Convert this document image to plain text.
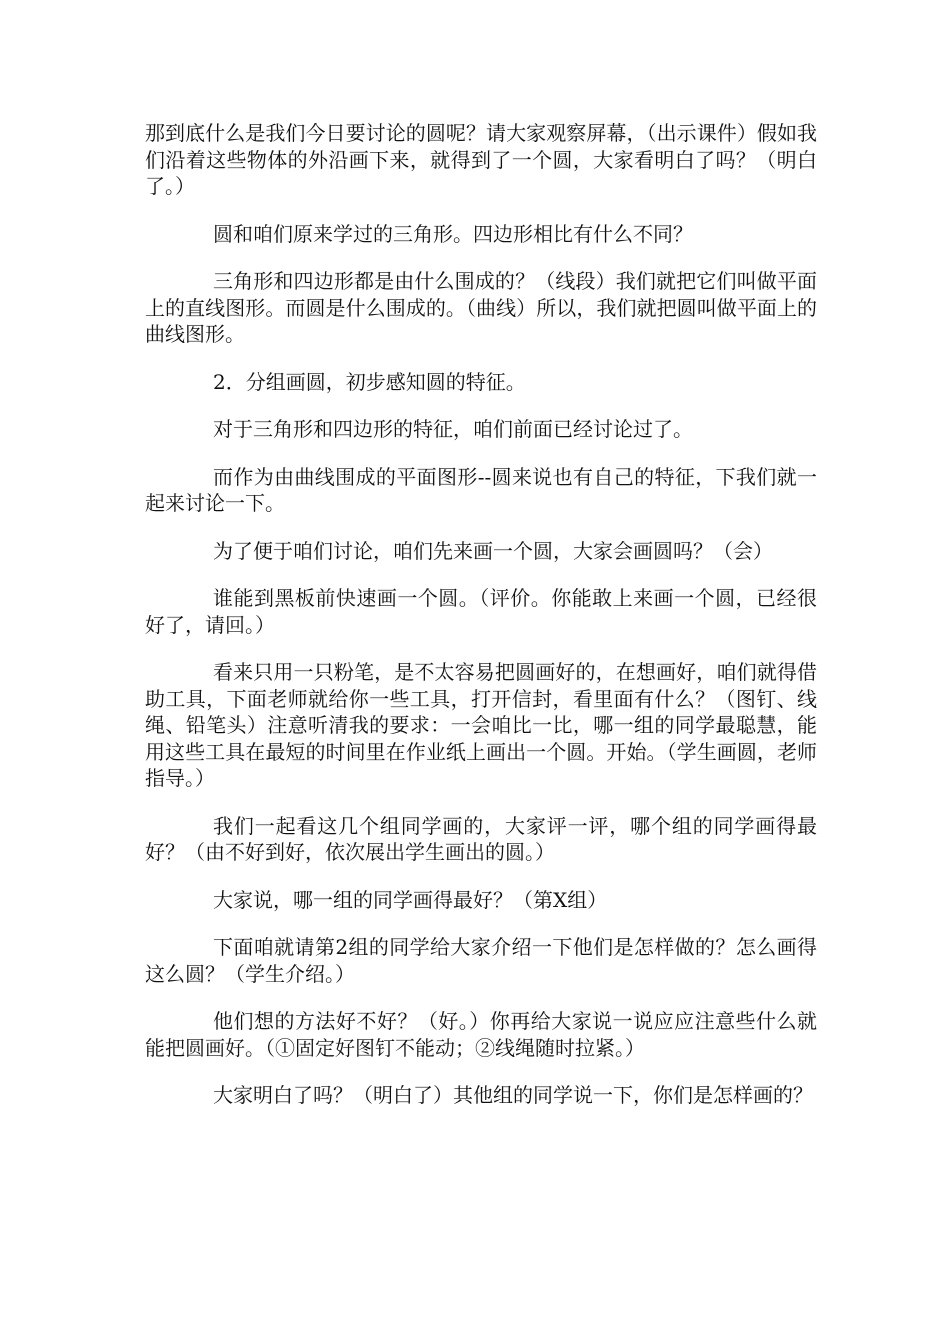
那到底什么是我们今日要讨论的圆呢？请大家观察屏幕，（出示课件）假如我们沿着这些物体的外沿画下来，就得到了一个圆，大家看明白了吗？（明白了。）

圆和咱们原来学过的三角形。四边形相比有什么不同？

三角形和四边形都是由什么围成的？（线段）我们就把它们叫做平面上的直线图形。而圆是什么围成的。（曲线）所以，我们就把圆叫做平面上的曲线图形。

2．分组画圆，初步感知圆的特征。

对于三角形和四边形的特征，咱们前面已经讨论过了。

而作为由曲线围成的平面图形--圆来说也有自己的特征，下我们就一起来讨论一下。

为了便于咱们讨论，咱们先来画一个圆，大家会画圆吗？（会）

谁能到黑板前快速画一个圆。（评价。你能敢上来画一个圆，已经很好了，请回。）

看来只用一只粉笔，是不太容易把圆画好的，在想画好，咱们就得借助工具，下面老师就给你一些工具，打开信封，看里面有什么？（图钉、线绳、铅笔头）注意听清我的要求：一会咱比一比，哪一组的同学最聪慧，能用这些工具在最短的时间里在作业纸上画出一个圆。开始。（学生画圆，老师指导。）

我们一起看这几个组同学画的，大家评一评，哪个组的同学画得最好？（由不好到好，依次展出学生画出的圆。）

大家说，哪一组的同学画得最好？（第X组）

下面咱就请第2组的同学给大家介绍一下他们是怎样做的？怎么画得这么圆？（学生介绍。）

他们想的方法好不好？（好。）你再给大家说一说应应注意些什么就能把圆画好。（①固定好图钉不能动；②线绳随时拉紧。）

大家明白了吗？（明白了）其他组的同学说一下，你们是怎样画的？
